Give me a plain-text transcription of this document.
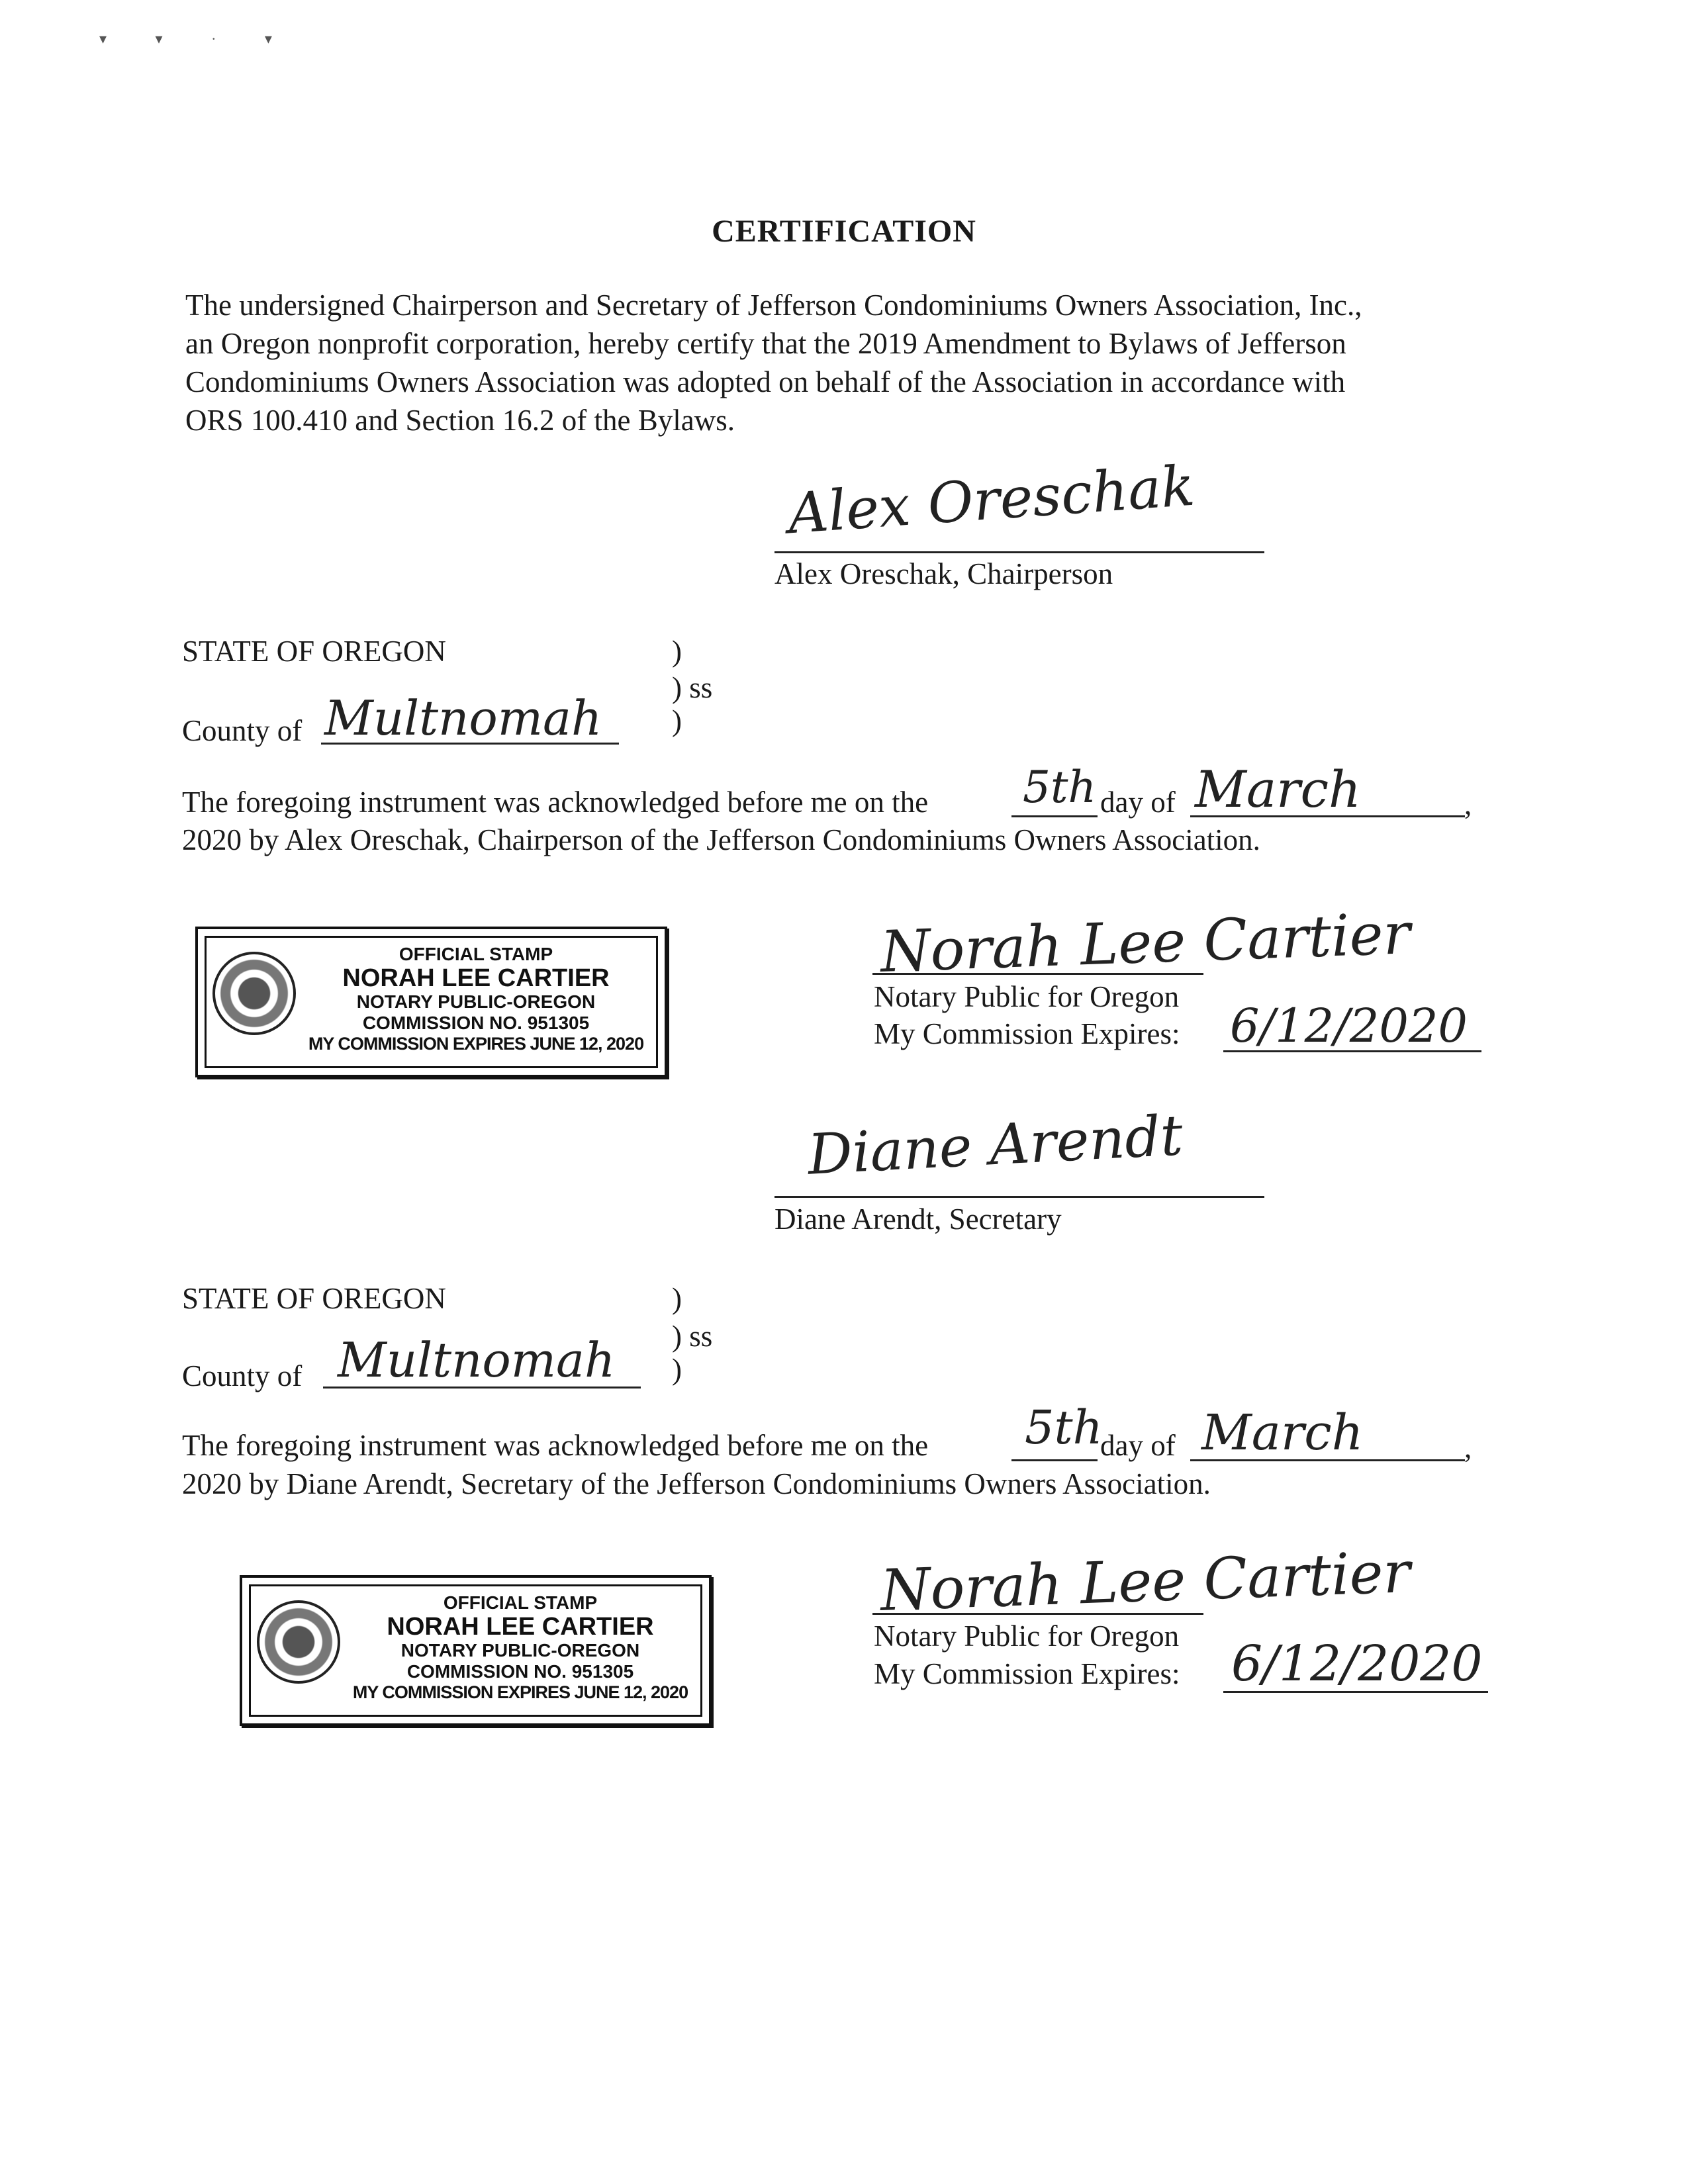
▾ ▾ · ▾
CERTIFICATION

The undersigned Chairperson and Secretary of Jefferson Condominiums Owners Association, Inc.,

an Oregon nonprofit corporation, hereby certify that the 2019 Amendment to Bylaws of Jefferson

Condominiums Owners Association was adopted on behalf of the Association in accordance with

ORS 100.410 and Section 16.2 of the Bylaws.

Alex Oreschak
Alex Oreschak, Chairperson
STATE OF OREGON	)
) ss
)
County of Multnomah
The foregoing instrument was acknowledged before me on the 5th day of March	,
2020 by Alex Oreschak, Chairperson of the Jefferson Condominiums Owners Association.
OFFICIAL STAMP
NORAH LEE CARTIER
NOTARY PUBLIC-OREGON
COMMISSION NO. 951305
MY COMMISSION EXPIRES JUNE 12, 2020
Norah Lee Cartier
Notary Public for Oregon
My Commission Expires: 6/12/2020
Diane Arendt
Diane Arendt, Secretary
STATE OF OREGON	)
) ss
)
County of Multnomah
The foregoing instrument was acknowledged before me on the 5th
day of March	,
2020 by Diane Arendt, Secretary of the Jefferson Condominiums Owners Association.
OFFICIAL STAMP
NORAH LEE CARTIER
NOTARY PUBLIC-OREGON
COMMISSION NO. 951305
MY COMMISSION EXPIRES JUNE 12, 2020
Norah Lee Cartier
Notary Public for Oregon
My Commission Expires: 6/12/2020
